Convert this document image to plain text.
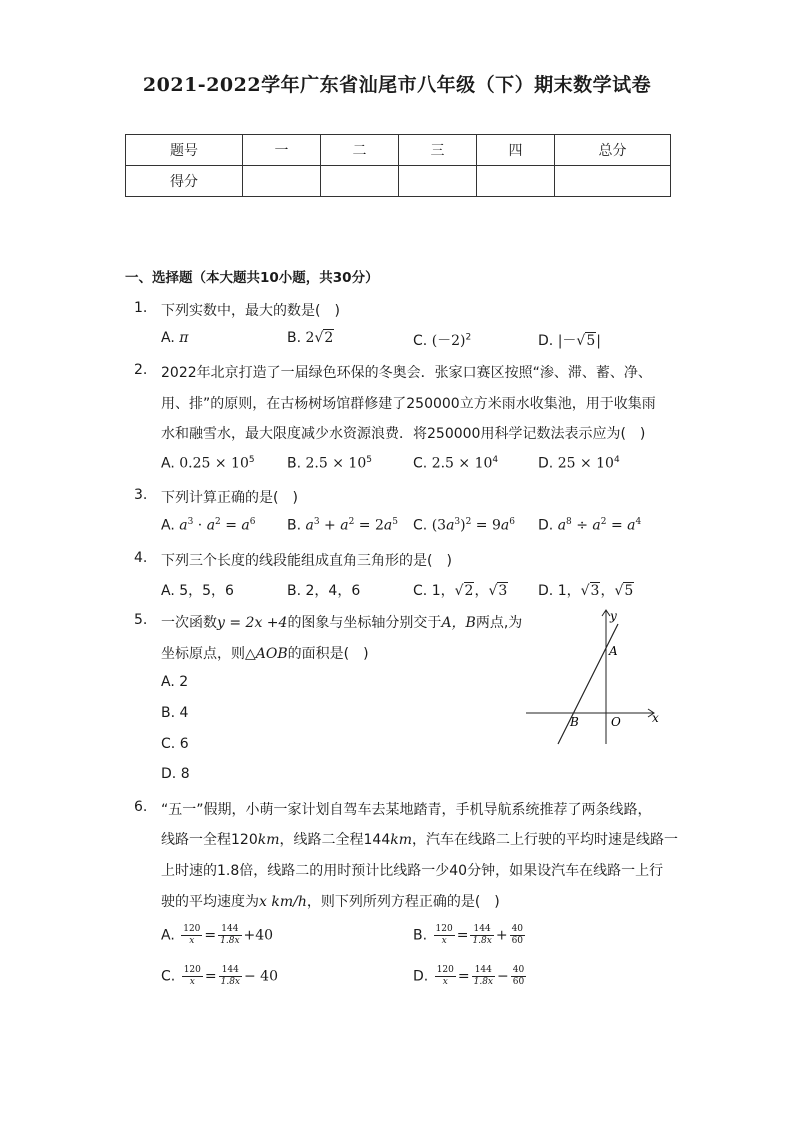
2021-2022学年广东省汕尾市八年级（下）期末数学试卷
题号	一	二	三	四	总分
得分					
一、选择题（本大题共10小题，共30分）
1. 下列实数中，最大的数是(　)
A. π	B. 2√2	C. $(-2)^2$	D. |－√5|
2. 2022年北京打造了一届绿色环保的冬奥会．张家口赛区按照“渗、滞、蓄、净、
用、排”的原则，在古杨树场馆群修建了250000立方米雨水收集池，用于收集雨
水和融雪水，最大限度减少水资源浪费．将250000用科学记数法表示应为(　)
A. $0.25 \times 10^5$ B. $2.5 \times 10^5$	C. $2.5 \times 10^4$	D. $25 \times 10^4$
3. 下列计算正确的是(　)
A. $a^3 \cdot a^2 = a^6$ B. $a^3 + a^2 = 2a^5$ C. $(3a^3)^2 = 9a^6$ D. $a^8 \div a^2 = a^4$
4. 下列三个长度的线段能组成直角三角形的是(　)
A. 5，5，6	B. 2，4，6	C. 1，√2，√3 D. 1，√3，√5
5. 一次函数y = 2x +4的图象与坐标轴分别交于A，B两点,为
坐标原点，则△AOB的面积是(　)
A. 2
B. 4
C. 6
D. 8
y
x
A
B	O
6. “五一”假期，小萌一家计划自驾车去某地踏青，手机导航系统推荐了两条线路，
线路一全程120km，线路二全程144km，汽车在线路二上行驶的平均时速是线路一
上时速的1.8倍，线路二的用时预计比线路一少40分钟，如果设汽车在线路一上行
驶的平均速度为x km/h，则下列所列方程正确的是(　)
A. $\frac{120}{x} = \frac{144}{1.8x} +40$	B. $\frac{120}{x} = \frac{144}{1.8x} + \frac{40}{60}$
C. $\frac{120}{x} = \frac{144}{1.8x} - 40$	D. $\frac{120}{x} = \frac{144}{1.8x} - \frac{40}{60}$
